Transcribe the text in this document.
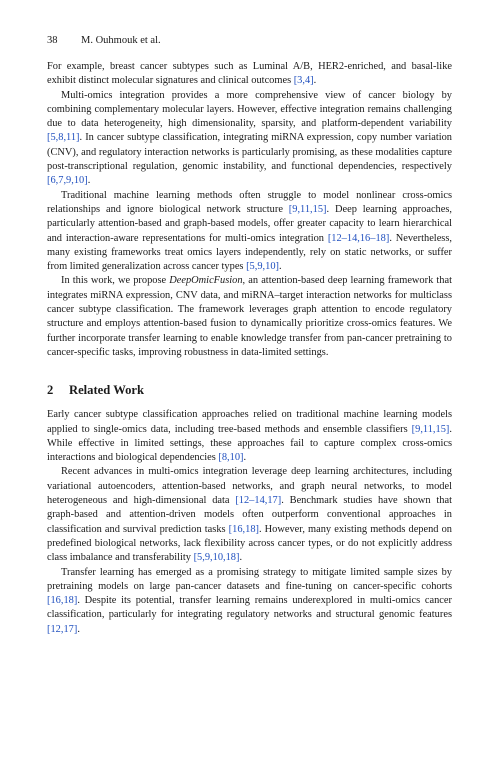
38 M. Ouhmouk et al.

For example, breast cancer subtypes such as Luminal A/B, HER2-enriched, and basal-like exhibit distinct molecular signatures and clinical outcomes [3,4].

Multi-omics integration provides a more comprehensive view of cancer biology by combining complementary molecular layers. However, effective integration remains challenging due to data heterogeneity, high dimensionality, sparsity, and platform-dependent variability [5,8,11]. In cancer subtype classification, integrating miRNA expression, copy number variation (CNV), and regulatory interaction networks is particularly promising, as these modalities capture post-transcriptional regulation, genomic instability, and functional dependencies, respectively [6,7,9,10].

Traditional machine learning methods often struggle to model nonlinear cross-omics relationships and ignore biological network structure [9,11,15]. Deep learning approaches, particularly attention-based and graph-based models, offer greater capacity to learn hierarchical and interaction-aware representations for multi-omics integration [12–14,16–18]. Nevertheless, many existing frameworks treat omics layers independently, rely on static networks, or suffer from limited generalization across cancer types [5,9,10].

In this work, we propose DeepOmicFusion, an attention-based deep learning framework that integrates miRNA expression, CNV data, and miRNA–target interaction networks for multiclass cancer subtype classification. The framework leverages graph attention to encode regulatory structure and employs attention-based fusion to dynamically prioritize cross-omics features. We further incorporate transfer learning to enable knowledge transfer from pan-cancer pretraining to cancer-specific tasks, improving robustness in data-limited settings.

2 Related Work

Early cancer subtype classification approaches relied on traditional machine learning models applied to single-omics data, including tree-based methods and ensemble classifiers [9,11,15]. While effective in limited settings, these approaches fail to capture complex cross-omics interactions and biological dependencies [8,10].

Recent advances in multi-omics integration leverage deep learning architectures, including variational autoencoders, attention-based networks, and graph neural networks, to model heterogeneous and high-dimensional data [12–14,17]. Benchmark studies have shown that graph-based and attention-driven models often outperform conventional approaches in classification and survival prediction tasks [16,18]. However, many existing methods depend on predefined biological networks, lack flexibility across cancer types, or do not explicitly address class imbalance and transferability [5,9,10,18].

Transfer learning has emerged as a promising strategy to mitigate limited sample sizes by pretraining models on large pan-cancer datasets and fine-tuning on cancer-specific cohorts [16,18]. Despite its potential, transfer learning remains underexplored in multi-omics cancer classification, particularly for integrating regulatory networks and structural genomic features [12,17].
